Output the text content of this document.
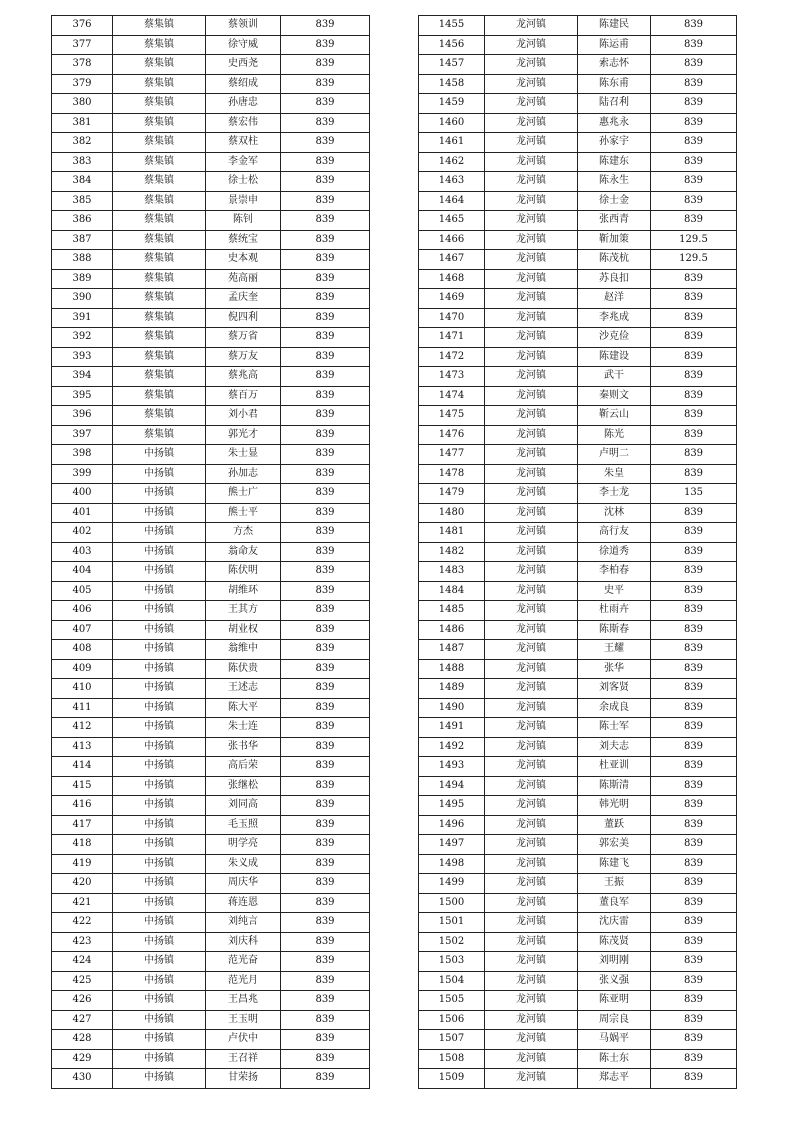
376	蔡集镇	蔡领训	839
377	蔡集镇	徐守威	839
378	蔡集镇	史西尧	839
379	蔡集镇	蔡绍成	839
380	蔡集镇	孙唐忠	839
381	蔡集镇	蔡宏伟	839
382	蔡集镇	蔡双柱	839
383	蔡集镇	李金军	839
384	蔡集镇	徐士松	839
385	蔡集镇	景崇申	839
386	蔡集镇	陈钊	839
387	蔡集镇	蔡统宝	839
388	蔡集镇	史本观	839
389	蔡集镇	苑高丽	839
390	蔡集镇	孟庆奎	839
391	蔡集镇	倪四利	839
392	蔡集镇	蔡万省	839
393	蔡集镇	蔡万友	839
394	蔡集镇	蔡兆高	839
395	蔡集镇	蔡百万	839
396	蔡集镇	刘小君	839
397	蔡集镇	郭光才	839
398	中扬镇	朱士显	839
399	中扬镇	孙加志	839
400	中扬镇	熊士广	839
401	中扬镇	熊士平	839
402	中扬镇	方杰	839
403	中扬镇	翁命友	839
404	中扬镇	陈伏明	839
405	中扬镇	胡维环	839
406	中扬镇	王其方	839
407	中扬镇	胡业权	839
408	中扬镇	翁维中	839
409	中扬镇	陈伏贵	839
410	中扬镇	王述志	839
411	中扬镇	陈大平	839
412	中扬镇	朱士连	839
413	中扬镇	张书华	839
414	中扬镇	高后荣	839
415	中扬镇	张继松	839
416	中扬镇	刘同高	839
417	中扬镇	毛玉照	839
418	中扬镇	明学亮	839
419	中扬镇	朱义成	839
420	中扬镇	周庆华	839
421	中扬镇	蒋连恩	839
422	中扬镇	刘纯言	839
423	中扬镇	刘庆科	839
424	中扬镇	范光奋	839
425	中扬镇	范光月	839
426	中扬镇	王昌兆	839
427	中扬镇	王玉明	839
428	中扬镇	卢伏中	839
429	中扬镇	王召祥	839
430	中扬镇	甘荣扬	839
1455	龙河镇	陈建民	839
1456	龙河镇	陈运甫	839
1457	龙河镇	索志怀	839
1458	龙河镇	陈东甫	839
1459	龙河镇	陆召利	839
1460	龙河镇	惠兆永	839
1461	龙河镇	孙家宇	839
1462	龙河镇	陈建东	839
1463	龙河镇	陈永生	839
1464	龙河镇	徐士金	839
1465	龙河镇	张西青	839
1466	龙河镇	靳加策	129.5
1467	龙河镇	陈茂杭	129.5
1468	龙河镇	苏良扣	839
1469	龙河镇	赵洋	839
1470	龙河镇	李兆成	839
1471	龙河镇	沙克俭	839
1472	龙河镇	陈建设	839
1473	龙河镇	武干	839
1474	龙河镇	秦则文	839
1475	龙河镇	靳云山	839
1476	龙河镇	陈光	839
1477	龙河镇	卢明二	839
1478	龙河镇	朱皇	839
1479	龙河镇	李士龙	135
1480	龙河镇	沈林	839
1481	龙河镇	高行友	839
1482	龙河镇	徐道秀	839
1483	龙河镇	李柏春	839
1484	龙河镇	史平	839
1485	龙河镇	杜雨卉	839
1486	龙河镇	陈斯春	839
1487	龙河镇	王耀	839
1488	龙河镇	张华	839
1489	龙河镇	刘客贤	839
1490	龙河镇	余成良	839
1491	龙河镇	陈士军	839
1492	龙河镇	刘夫志	839
1493	龙河镇	杜亚训	839
1494	龙河镇	陈斯清	839
1495	龙河镇	韩光明	839
1496	龙河镇	董跃	839
1497	龙河镇	郭宏美	839
1498	龙河镇	陈建飞	839
1499	龙河镇	王振	839
1500	龙河镇	董良军	839
1501	龙河镇	沈庆雷	839
1502	龙河镇	陈茂贤	839
1503	龙河镇	刘明刚	839
1504	龙河镇	张义强	839
1505	龙河镇	陈亚明	839
1506	龙河镇	周宗良	839
1507	龙河镇	马娲平	839
1508	龙河镇	陈士东	839
1509	龙河镇	郑志平	839
